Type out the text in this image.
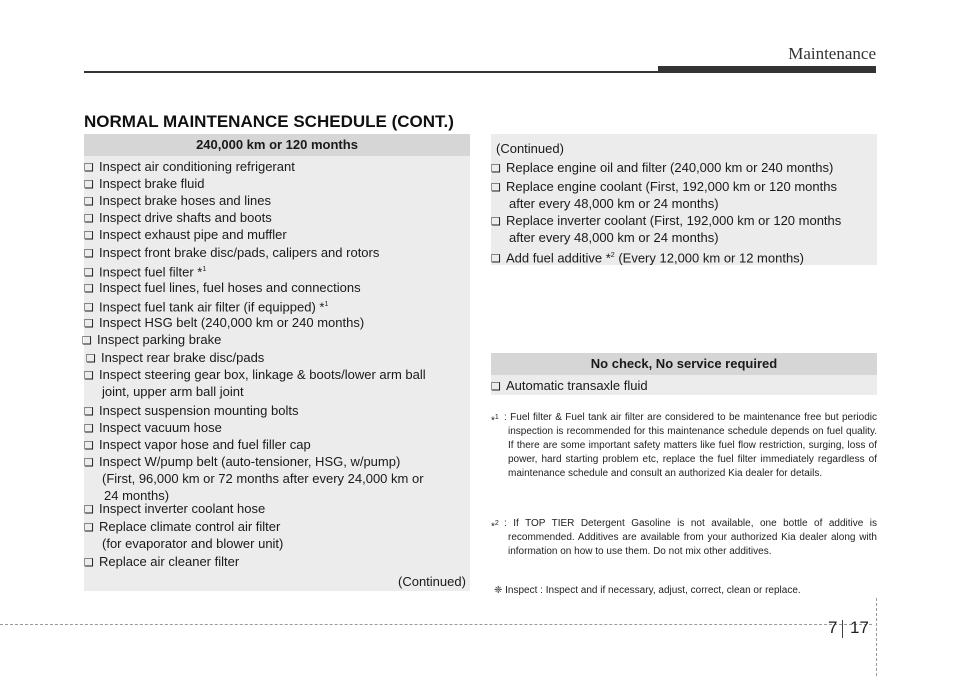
Maintenance
NORMAL MAINTENANCE SCHEDULE (CONT.)
240,000 km or 120 months
❑ Inspect air conditioning refrigerant
❑ Inspect brake fluid
❑ Inspect brake hoses and lines
❑ Inspect drive shafts and boots
❑ Inspect exhaust pipe and muffler
❑ Inspect front brake disc/pads, calipers and rotors
❑ Inspect fuel filter *$^1$
❑ Inspect fuel lines, fuel hoses and connections
❑ Inspect fuel tank air filter (if equipped) *$^1$
❑ Inspect HSG belt (240,000 km or 240 months)
❑ Inspect parking brake
❑ Inspect rear brake disc/pads
❑ Inspect steering gear box, linkage & boots/lower arm ball
joint, upper arm ball joint
❑ Inspect suspension mounting bolts
❑ Inspect vacuum hose
❑ Inspect vapor hose and fuel filler cap
❑ Inspect W/pump belt (auto-tensioner, HSG, w/pump)
(First, 96,000 km or 72 months after every 24,000 km or
24 months)
❑ Inspect inverter coolant hose
❑ Replace climate control air filter
(for evaporator and blower unit)
❑ Replace air cleaner filter
(Continued)
(Continued)
❑ Replace engine oil and filter (240,000 km or 240 months)
❑ Replace engine coolant (First, 192,000 km or 120 months
after every 48,000 km or 24 months)
❑ Replace inverter coolant (First, 192,000 km or 120 months
after every 48,000 km or 24 months)
❑ Add fuel additive *$^2$ (Every 12,000 km or 12 months)
No check, No service required
❑ Automatic transaxle fluid
*$^1$ : Fuel filter & Fuel tank air filter are considered to be maintenance free but periodic inspection is recommended for this maintenance schedule depends on fuel quality. If there are some important safety matters like fuel flow restriction, surging, loss of power, hard starting problem etc, replace the fuel filter immediately regardless of maintenance schedule and consult an authorized Kia dealer for details.
*$^2$ : If TOP TIER Detergent Gasoline is not available, one bottle of additive is recommended. Additives are available from your authorized Kia dealer along with information on how to use them. Do not mix other additives.
❈ Inspect : Inspect and if necessary, adjust, correct, clean or replace.
7 17
